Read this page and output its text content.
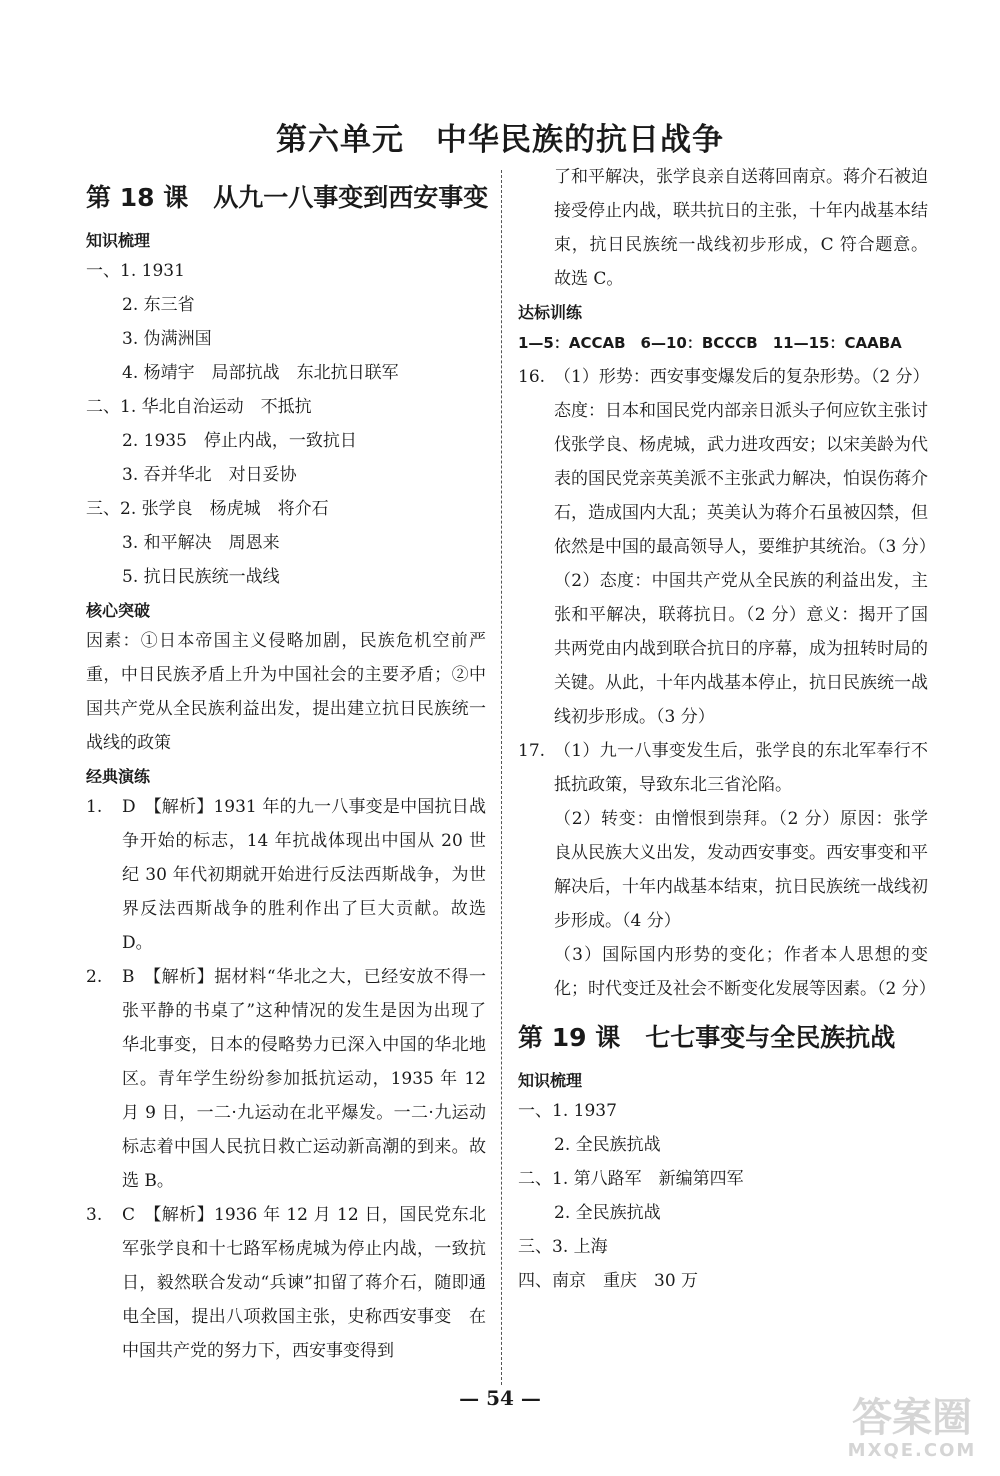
第六单元　中华民族的抗日战争
第 18 课　从九一八事变到西安事变
知识梳理
一、1. 1931
2. 东三省
3. 伪满洲国
4. 杨靖宇　局部抗战　东北抗日联军
二、1. 华北自治运动　不抵抗
2. 1935　停止内战，一致抗日
3. 吞并华北　对日妥协
三、2. 张学良　杨虎城　将介石
3. 和平解决　周恩来
5. 抗日民族统一战线
核心突破
因素：①日本帝国主义侵略加剧，民族危机空前严重，中日民族矛盾上升为中国社会的主要矛盾；②中国共产党从全民族利益出发，提出建立抗日民族统一战线的政策
经典演练
1.	D　【解析】1931 年的九一八事变是中国抗日战争开始的标志，14 年抗战体现出中国从 20 世纪 30 年代初期就开始进行反法西斯战争，为世界反法西斯战争的胜利作出了巨大贡献。故选 D。
2.	B　【解析】据材料“华北之大，已经安放不得一张平静的书桌了”这种情况的发生是因为出现了华北事变，日本的侵略势力已深入中国的华北地区。青年学生纷纷参加抵抗运动，1935 年 12 月 9 日，一二·九运动在北平爆发。一二·九运动标志着中国人民抗日救亡运动新高潮的到来。故选 B。
3.	C　【解析】1936 年 12 月 12 日，国民党东北军张学良和十七路军杨虎城为停止内战，一致抗日，毅然联合发动“兵谏”扣留了蒋介石，随即通电全国，提出八项救国主张，史称西安事变　在中国共产党的努力下，西安事变得到
了和平解决，张学良亲自送蒋回南京。蒋介石被迫接受停止内战，联共抗日的主张，十年内战基本结束，抗日民族统一战线初步形成，C 符合题意。故选 C。
达标训练
1—5：ACCAB　6—10：BCCCB　11—15：CAABA
16. （1）形势：西安事变爆发后的复杂形势。（2 分）
态度：日本和国民党内部亲日派头子何应钦主张讨伐张学良、杨虎城，武力进攻西安；以宋美龄为代表的国民党亲英美派不主张武力解决，怕误伤蒋介石，造成国内大乱；英美认为蒋介石虽被囚禁，但依然是中国的最高领导人，要维护其统治。（3 分）
（2）态度：中国共产党从全民族的利益出发，主张和平解决，联蒋抗日。（2 分）意义：揭开了国共两党由内战到联合抗日的序幕，成为扭转时局的关键。从此，十年内战基本停止，抗日民族统一战线初步形成。（3 分）
17. （1）九一八事变发生后，张学良的东北军奉行不抵抗政策，导致东北三省沦陷。
（2）转变：由憎恨到崇拜。（2 分）原因：张学良从民族大义出发，发动西安事变。西安事变和平解决后，十年内战基本结束，抗日民族统一战线初步形成。（4 分）
（3）国际国内形势的变化；作者本人思想的变化；时代变迁及社会不断变化发展等因素。（2 分）
第 19 课　七七事变与全民族抗战
知识梳理
一、1. 1937
2. 全民族抗战
二、1. 第八路军　新编第四军
2. 全民族抗战
三、3. 上海
四、南京　重庆　30 万
— 54 —	答案圈
MXQE.COM
